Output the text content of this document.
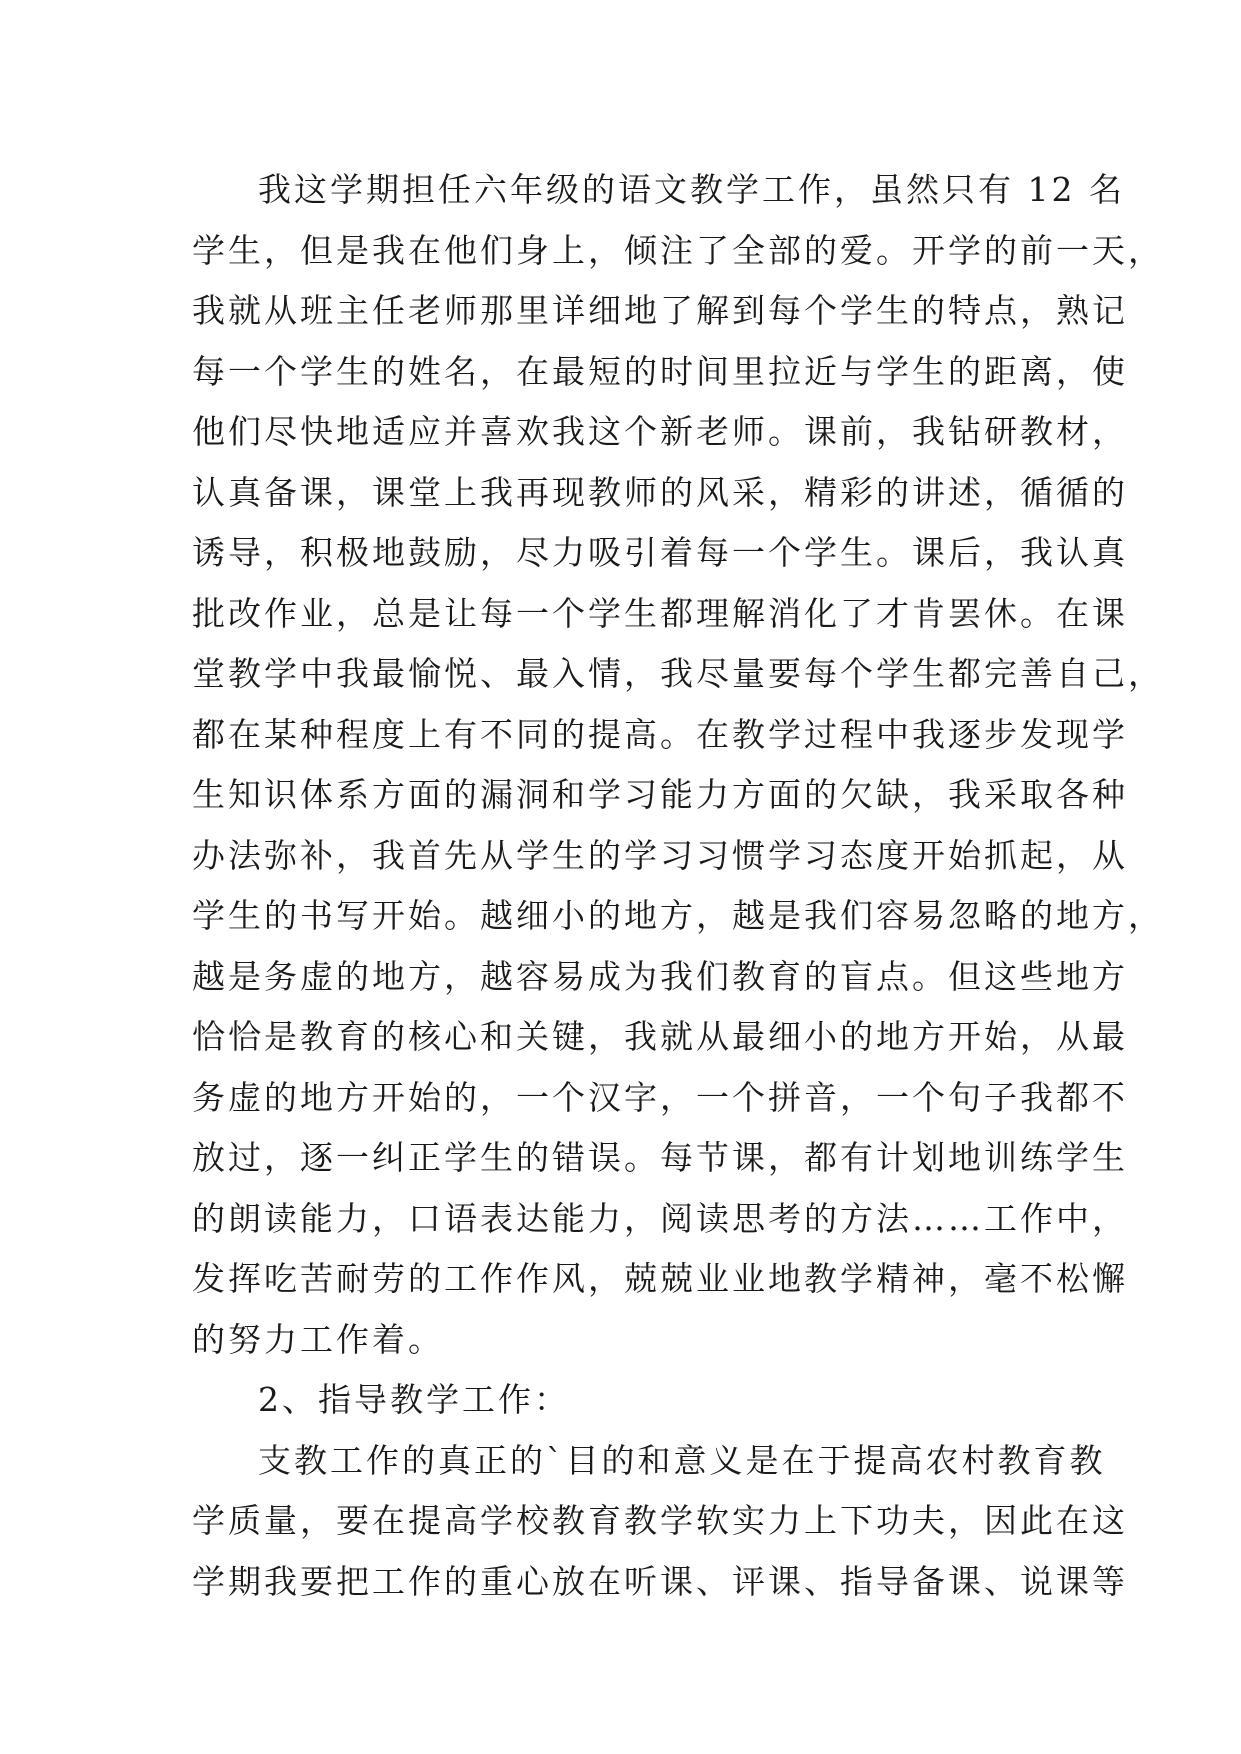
我这学期担任六年级的语文教学工作，虽然只有 12 名
学生，但是我在他们身上，倾注了全部的爱。开学的前一天，
我就从班主任老师那里详细地了解到每个学生的特点，熟记
每一个学生的姓名，在最短的时间里拉近与学生的距离，使
他们尽快地适应并喜欢我这个新老师。课前，我钻研教材，
认真备课，课堂上我再现教师的风采，精彩的讲述，循循的
诱导，积极地鼓励，尽力吸引着每一个学生。课后，我认真
批改作业，总是让每一个学生都理解消化了才肯罢休。在课
堂教学中我最愉悦、最入情，我尽量要每个学生都完善自己，
都在某种程度上有不同的提高。在教学过程中我逐步发现学
生知识体系方面的漏洞和学习能力方面的欠缺，我采取各种
办法弥补，我首先从学生的学习习惯学习态度开始抓起，从
学生的书写开始。越细小的地方，越是我们容易忽略的地方，
越是务虚的地方，越容易成为我们教育的盲点。但这些地方
恰恰是教育的核心和关键，我就从最细小的地方开始，从最
务虚的地方开始的，一个汉字，一个拼音，一个句子我都不
放过，逐一纠正学生的错误。每节课，都有计划地训练学生
的朗读能力，口语表达能力，阅读思考的方法……工作中，
发挥吃苦耐劳的工作作风，兢兢业业地教学精神，毫不松懈
的努力工作着。
2、指导教学工作：
支教工作的真正的`目的和意义是在于提高农村教育教
学质量，要在提高学校教育教学软实力上下功夫，因此在这
学期我要把工作的重心放在听课、评课、指导备课、说课等
